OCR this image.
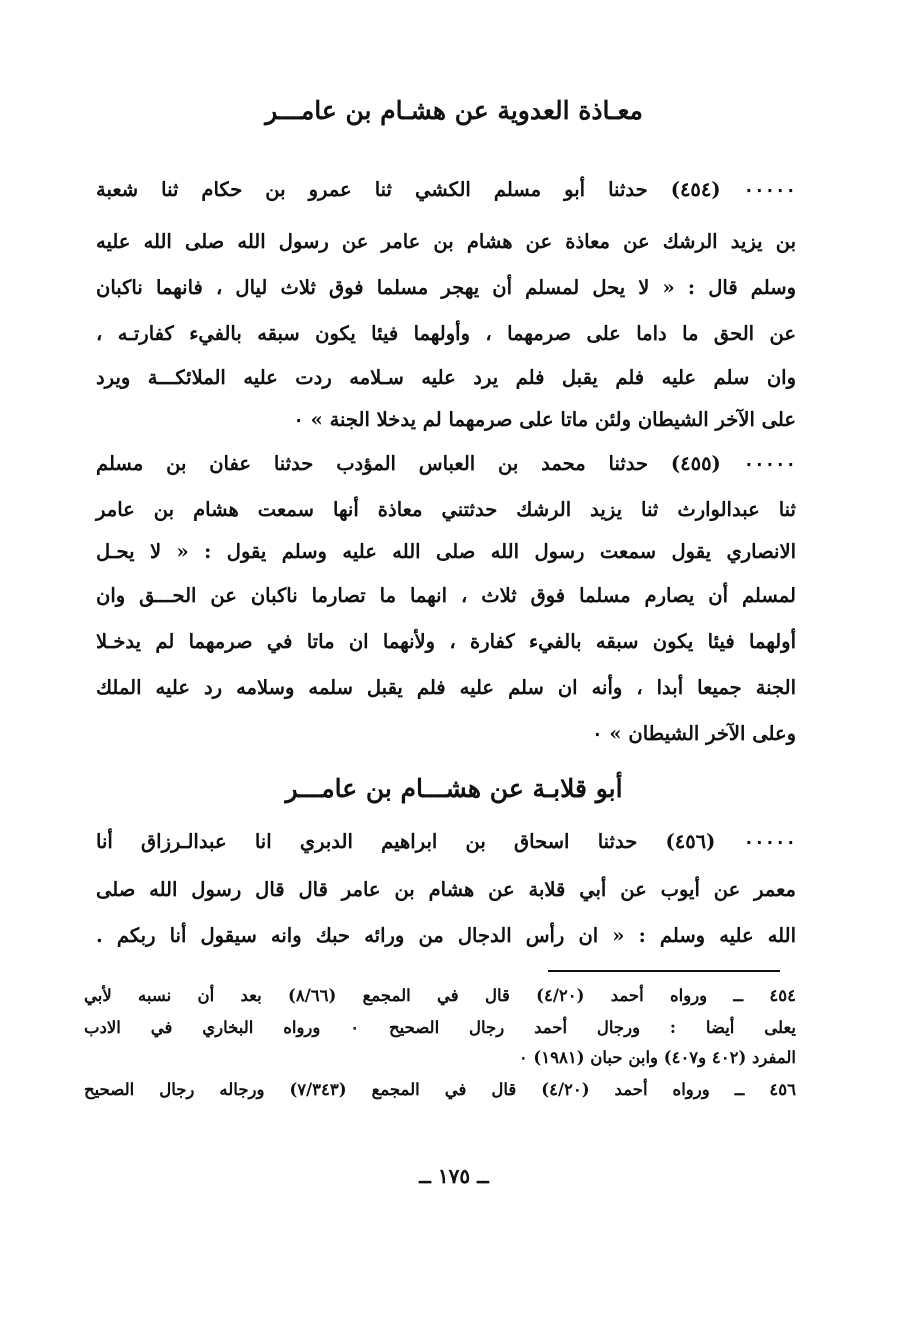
معـاذة العدوية عن هشـام بن عامـــر
٠٠٠٠٠ (٤٥٤) حدثنا أبو مسلم الكشي ثنا عمرو بن حكام ثنا شعبة
بن يزيد الرشك عن معاذة عن هشام بن عامر عن رسول الله صلى الله عليه
وسلم قال : « لا يحل لمسلم أن يهجر مسلما فوق ثلاث ليال ، فانهما ناكبان
عن الحق ما داما على صرمهما ، وأولهما فيئا يكون سبقه بالفيء كفارتـه ،
وان سلم عليه فلم يقبل فلم يرد عليه سـلامه ردت عليه الملائكـــة ويرد
على الآخر الشيطان ولئن ماتا على صرمهما لم يدخلا الجنة » ٠
٠٠٠٠٠ (٤٥٥) حدثنا محمد بن العباس المؤدب حدثنا عفان بن مسلم
ثنا عبدالوارث ثنا يزيد الرشك حدثتني معاذة أنها سمعت هشام بن عامر
الانصاري يقول سمعت رسول الله صلى الله عليه وسلم يقول : « لا يحـل
لمسلم أن يصارم مسلما فوق ثلاث ، انهما ما تصارما ناكبان عن الحـــق وان
أولهما فيئا يكون سبقه بالفيء كفارة ، ولأنهما ان ماتا في صرمهما لم يدخـلا
الجنة جميعا أبدا ، وأنه ان سلم عليه فلم يقبل سلمه وسلامه رد عليه الملك
وعلى الآخر الشيطان » ٠
أبو قلابـة عن هشـــام بن عامـــر
٠٠٠٠٠ (٤٥٦) حدثنا اسحاق بن ابراهيم الدبري انا عبدالـرزاق أنا
معمر عن أيوب عن أبي قلابة عن هشام بن عامر قال قال رسول الله صلى
الله عليه وسلم : « ان رأس الدجال من ورائه حبك وانه سيقول أنا ربكم .
٤٥٤ ــ ورواه أحمد (٤/٢٠) قال في المجمع (٨/٦٦) بعد أن نسبه لأبي
يعلى أيضا : ورجال أحمد رجال الصحيح ٠ ورواه البخاري في الادب
المفرد (٤٠٢ و٤٠٧) وابن حبان (١٩٨١) ٠
٤٥٦ ــ ورواه أحمد (٤/٢٠) قال في المجمع (٧/٣٤٣) ورجاله رجال الصحيح
ــ ١٧٥ ــ
